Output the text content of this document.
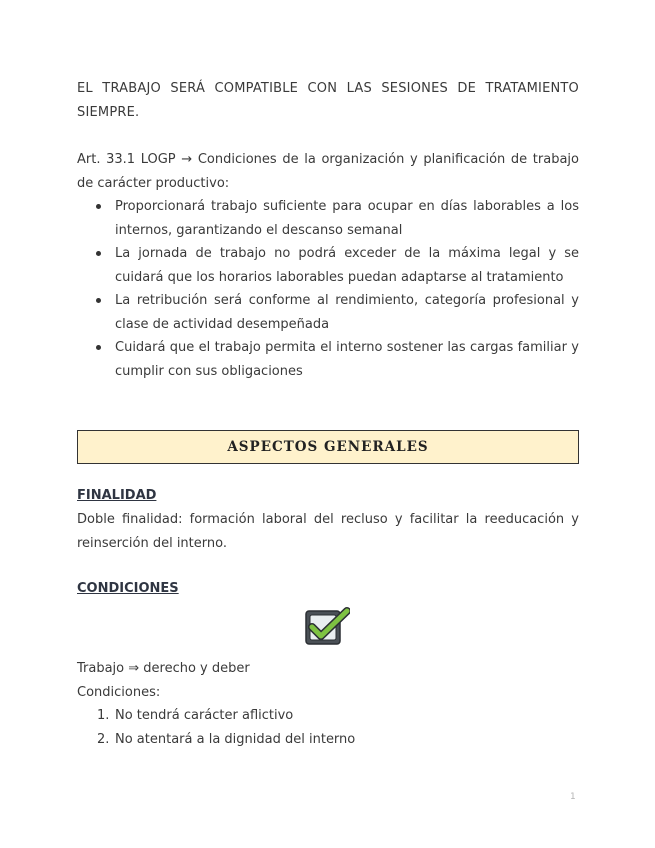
EL TRABAJO SERÁ COMPATIBLE CON LAS SESIONES DE TRATAMIENTO SIEMPRE.
Art. 33.1 LOGP → Condiciones de la organización y planificación de trabajo de carácter productivo:
Proporcionará trabajo suficiente para ocupar en días laborables a los internos, garantizando el descanso semanal
La jornada de trabajo no podrá exceder de la máxima legal y se cuidará que los horarios laborables puedan adaptarse al tratamiento
La retribución será conforme al rendimiento, categoría profesional y clase de actividad desempeñada
Cuidará que el trabajo permita el interno sostener las cargas familiar y cumplir con sus obligaciones
ASPECTOS GENERALES
FINALIDAD
Doble finalidad: formación laboral del recluso y facilitar la reeducación y reinserción del interno.
CONDICIONES
Trabajo ⇒ derecho y deber
Condiciones:
1. No tendrá carácter aflictivo
2. No atentará a la dignidad del interno
1
